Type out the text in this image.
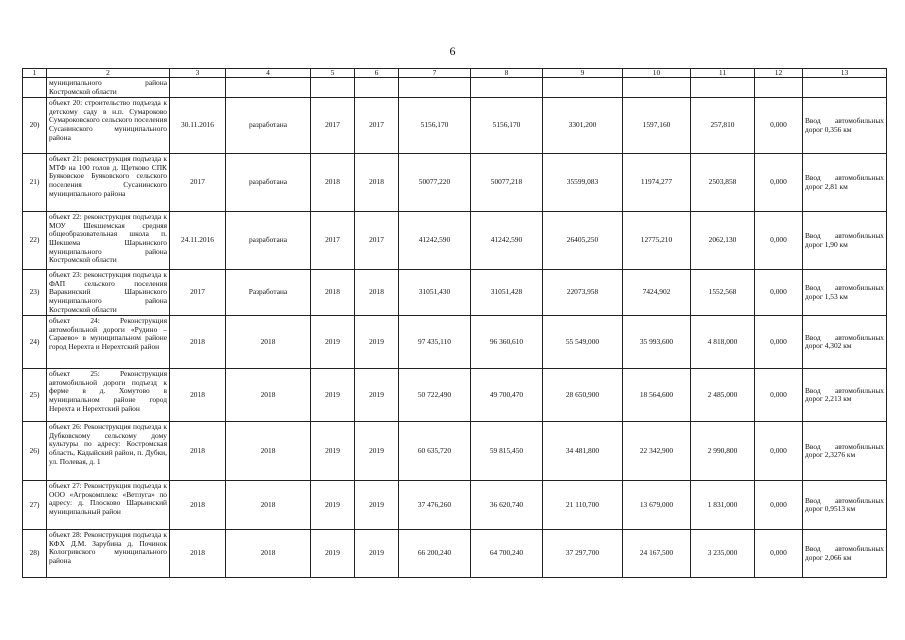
6
1	2	3	4	5	6	7	8	9	10	11	12	13
	муниципального района Костромской области											
20)	объект 20: строительство подъезда к детскому саду в н.п. Сумароково Сумароковского сельского поселения Сусанинского муниципального района	30.11.2016	разработана	2017	2017	5156,170	5156,170	3301,200	1597,160	257,810	0,000	Ввод автомобильных дорог 0,356 км
21)	объект 21: реконструкция подъезда к МТФ на 100 голов д. Щетково СПК Буяковское Буяковского сельского поселения Сусанинского муниципального района	2017	разработана	2018	2018	50077,220	50077,218	35599,083	11974,277	2503,858	0,000	Ввод автомобильных дорог 2,81 км
22)	объект 22: реконструкция подъезда к МОУ Шекшемская средняя общеобразовательная школа п. Шекшема Шарьинского муниципального района Костромской области	24.11.2016	разработана	2017	2017	41242,590	41242,590	26405,250	12775,210	2062,130	0,000	Ввод автомобильных дорог 1,90 км
23)	объект 23: реконструкция подъезда к ФАП сельского поселения Варакинский Шарьинского муниципального района Костромской области	2017	Разработана	2018	2018	31051,430	31051,428	22073,958	7424,902	1552,568	0,000	Ввод автомобильных дорог 1,53 км
24)	объект 24: Реконструкция автомобильной дороги «Рудино – Сараево» в муниципальном районе город Нерехта и Нерехтский район	2018	2018	2019	2019	97 435,110	96 360,610	55 549,000	35 993,600	4 818,000	0,000	Ввод автомобильных дорог 4,302 км
25)	объект 25: Реконструкция автомобильной дороги подъезд к ферме в д. Хомутово в муниципальном районе город Нерехта и Нерехтский район	2018	2018	2019	2019	50 722,490	49 700,470	28 650,900	18 564,600	2 485,000	0,000	Ввод автомобильных дорог 2,213 км
26)	объект 26: Реконструкция подъезда к Дубковскому сельскому дому культуры по адресу: Костромская область, Кадыйский район, п. Дубки, ул. Полевая, д. 1	2018	2018	2019	2019	60 635,720	59 815,450	34 481,800	22 342,900	2 990,800	0,000	Ввод автомобильных дорог 2,3276 км
27)	объект 27: Реконструкция подъезда к ООО «Агрокомплекс «Ветлуга» по адресу: д. Плосково Шарьинский муниципальный район	2018	2018	2019	2019	37 476,260	36 620,740	21 110,700	13 679,000	1 831,000	0,000	Ввод автомобильных дорог 0,9513 км
28)	объект 28: Реконструкция подъезда к КФХ Д.М. Зарубина д. Починок Кологривского муниципального района	2018	2018	2019	2019	66 200,240	64 700,240	37 297,700	24 167,500	3 235,000	0,000	Ввод автомобильных дорог 2,066 км
